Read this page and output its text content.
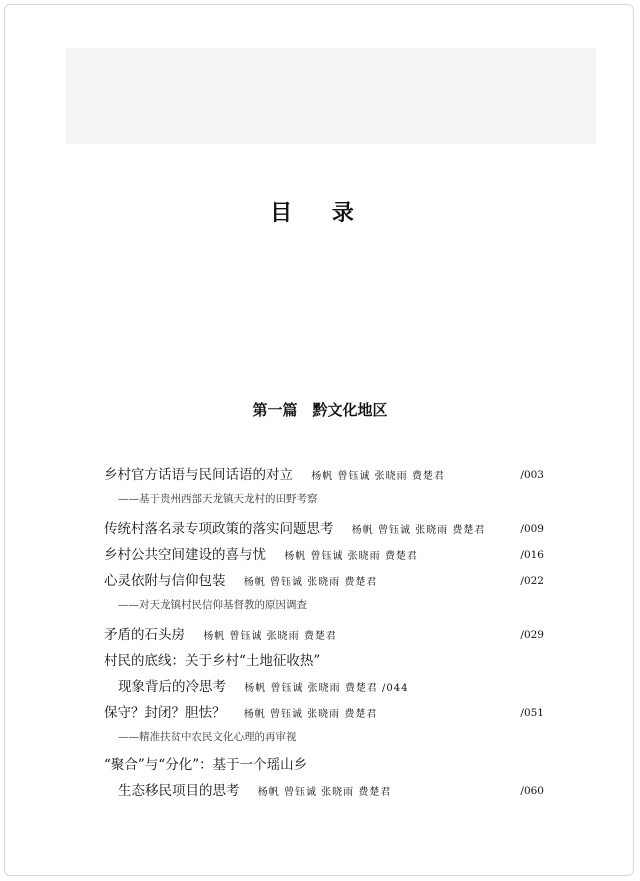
目 录
第一篇　黔文化地区
乡村官方话语与民间话语的对立 杨帆 曾钰诚 张晓雨 费楚君	/003
——基于贵州西部天龙镇天龙村的田野考察
传统村落名录专项政策的落实问题思考 杨帆 曾钰诚 张晓雨 费楚君	/009
乡村公共空间建设的喜与忧 杨帆 曾钰诚 张晓雨 费楚君	/016
心灵依附与信仰包装 杨帆 曾钰诚 张晓雨 费楚君	/022
——对天龙镇村民信仰基督教的原因调查
矛盾的石头房 杨帆 曾钰诚 张晓雨 费楚君	/029
村民的底线：关于乡村“土地征收热”
现象背后的冷思考 杨帆 曾钰诚 张晓雨 费楚君 /044
保守？封闭？胆怯？ 杨帆 曾钰诚 张晓雨 费楚君	/051
——精准扶贫中农民文化心理的再审视
“聚合”与“分化”：基于一个瑶山乡
生态移民项目的思考 杨帆 曾钰诚 张晓雨 费楚君	/060
